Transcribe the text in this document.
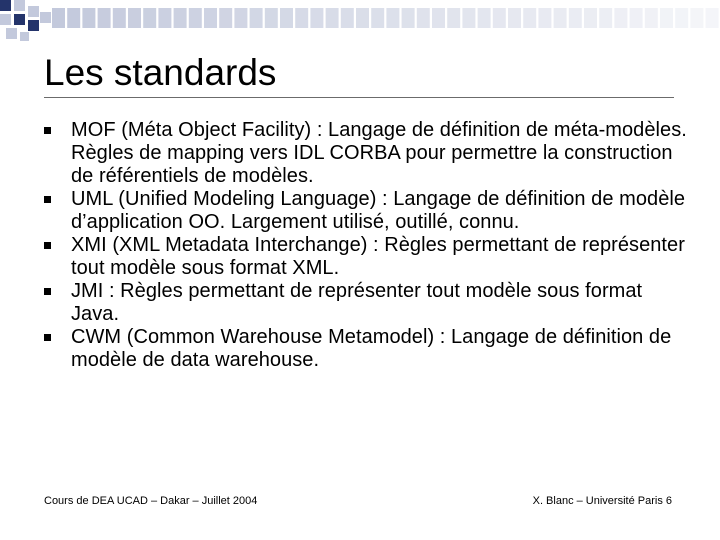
Les standards
MOF (Méta Object Facility) : Langage de définition de méta-modèles. Règles de mapping vers IDL CORBA pour permettre la construction de référentiels de modèles.
UML (Unified Modeling Language) : Langage de définition de modèle d’application OO. Largement utilisé, outillé, connu.
XMI (XML Metadata Interchange) : Règles permettant de représenter tout modèle sous format XML.
JMI : Règles permettant de représenter tout modèle sous format Java.
CWM (Common Warehouse Metamodel) : Langage de définition de modèle de data warehouse.
Cours de DEA UCAD – Dakar – Juillet 2004	X. Blanc – Université Paris 6
